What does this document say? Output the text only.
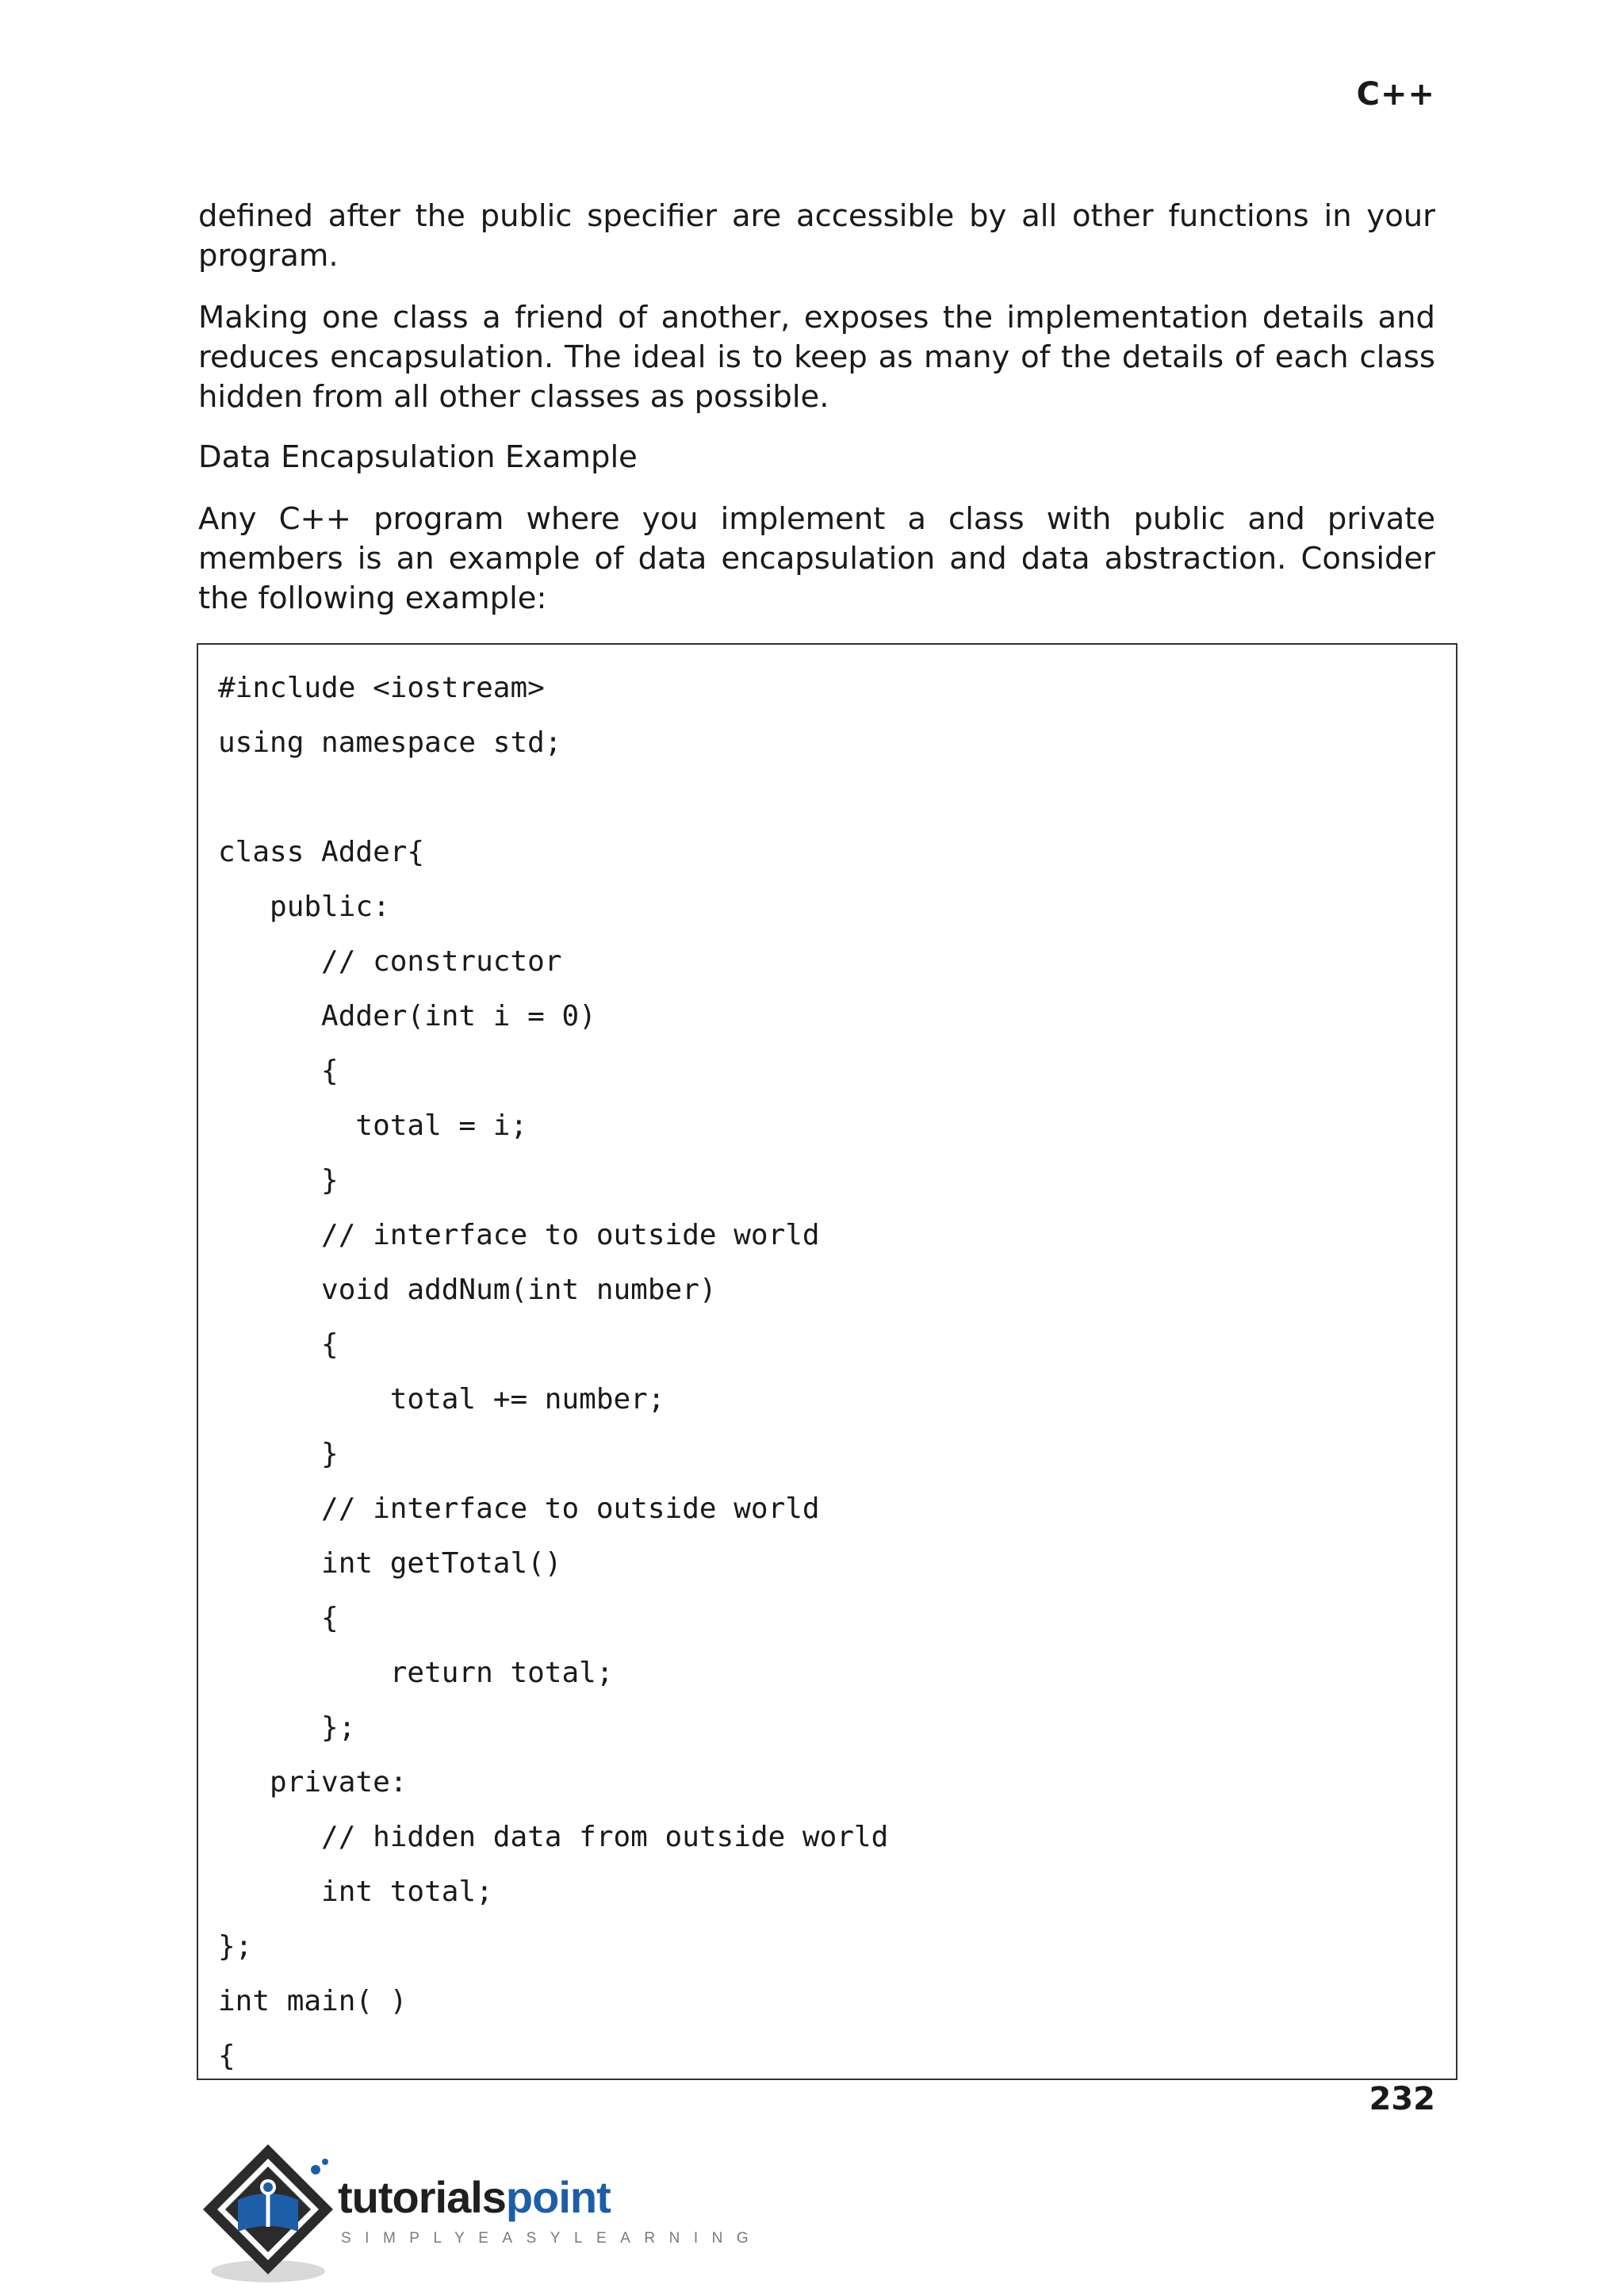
C++
defined after the public specifier are accessible by all other functions in your program.
Making one class a friend of another, exposes the implementation details and reduces encapsulation. The ideal is to keep as many of the details of each class hidden from all other classes as possible.
Data Encapsulation Example
Any C++ program where you implement a class with public and private members is an example of data encapsulation and data abstraction. Consider the following example:
#include <iostream>
using namespace std;
class Adder{
public:
// constructor
Adder(int i = 0)
{
total = i;
}
// interface to outside world
void addNum(int number)
{
total += number;
}
// interface to outside world
int getTotal()
{
return total;
};
private:
// hidden data from outside world
int total;
};
int main( )
{
232
tutorialspoint
SIMPLYEASYLEARNING
